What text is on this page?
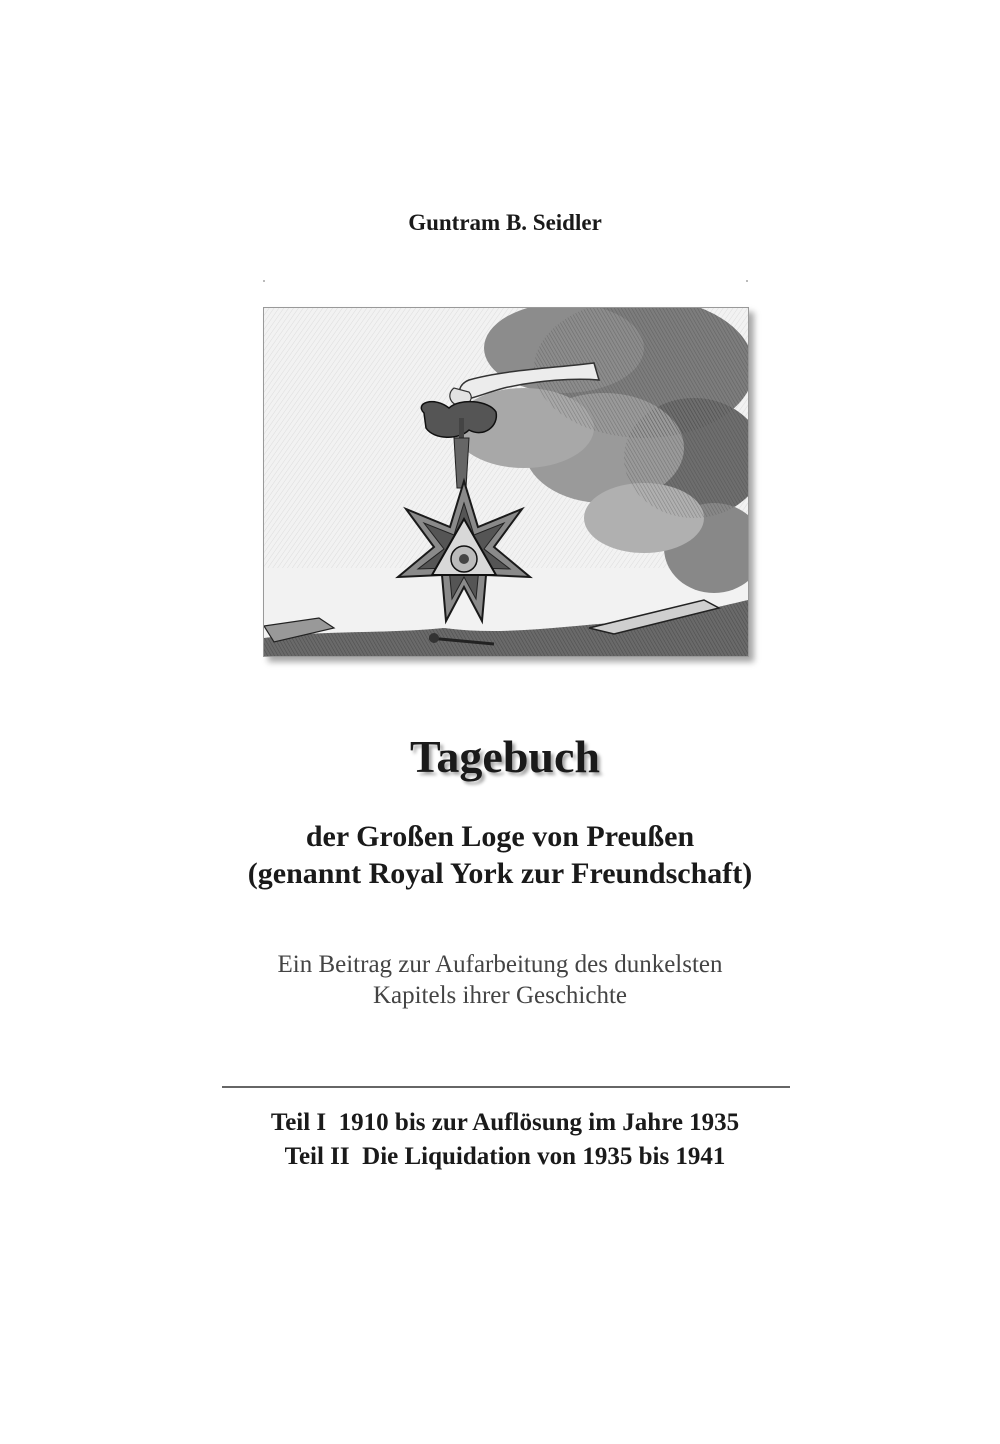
Guntram B. Seidler
Tagebuch
der Großen Loge von Preußen
(genannt Royal York zur Freundschaft)
Ein Beitrag zur Aufarbeitung des dunkelsten
Kapitels ihrer Geschichte
Teil I  1910 bis zur Auflösung im Jahre 1935
Teil II  Die Liquidation von 1935 bis 1941
